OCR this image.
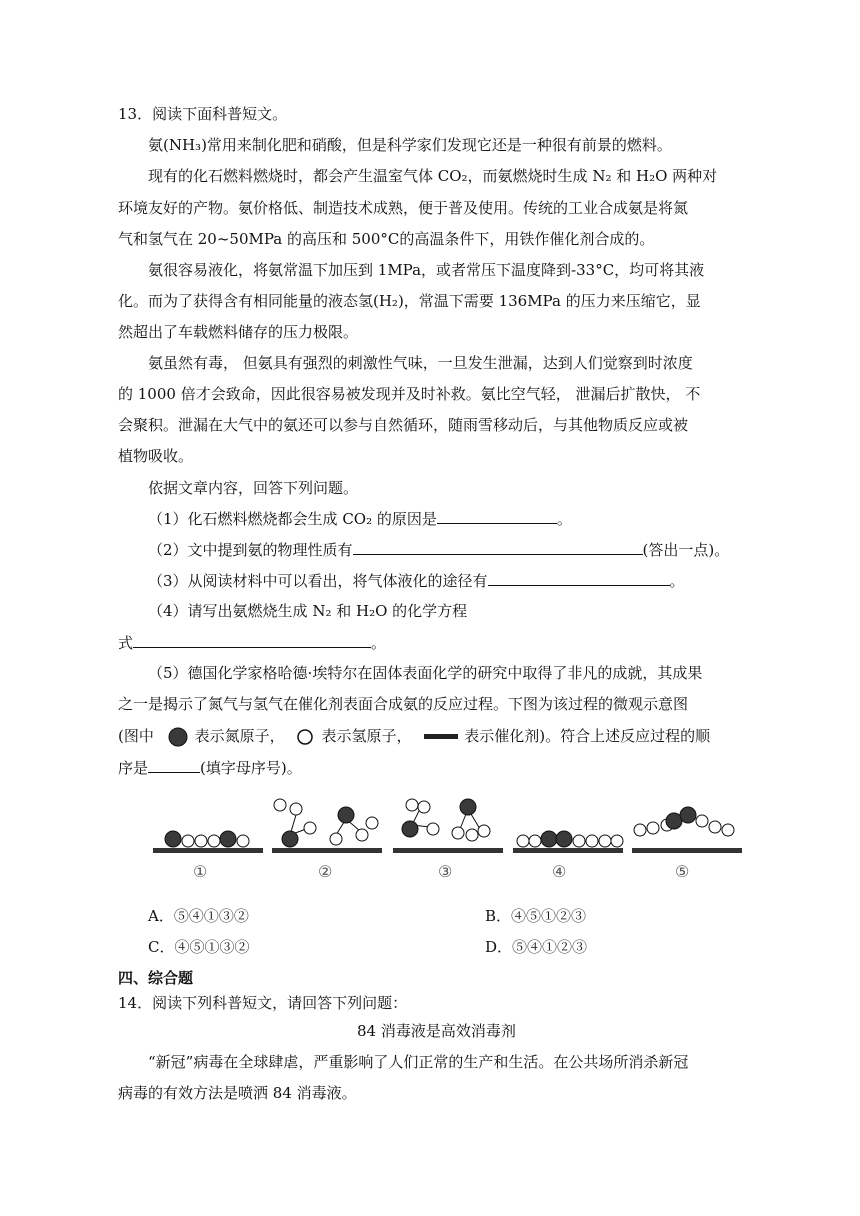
13．阅读下面科普短文。
氨(NH₃)常用来制化肥和硝酸，但是科学家们发现它还是一种很有前景的燃料。
现有的化石燃料燃烧时，都会产生温室气体 CO₂，而氨燃烧时生成 N₂ 和 H₂O 两种对
环境友好的产物。氨价格低、制造技术成熟，便于普及使用。传统的工业合成氨是将氮
气和氢气在 20~50MPa 的高压和 500°C的高温条件下，用铁作催化剂合成的。
氨很容易液化，将氨常温下加压到 1MPa，或者常压下温度降到-33°C，均可将其液
化。而为了获得含有相同能量的液态氢(H₂)，常温下需要 136MPa 的压力来压缩它，显
然超出了车载燃料储存的压力极限。
氨虽然有毒， 但氨具有强烈的刺激性气味，一旦发生泄漏，达到人们觉察到时浓度
的 1000 倍才会致命，因此很容易被发现并及时补救。氨比空气轻， 泄漏后扩散快， 不
会聚积。泄漏在大气中的氨还可以参与自然循环，随雨雪移动后，与其他物质反应或被
植物吸收。
依据文章内容，回答下列问题。
（1）化石燃料燃烧都会生成 CO₂ 的原因是	。
（2）文中提到氨的物理性质有	(答出一点)。
（3）从阅读材料中可以看出，将气体液化的途径有	。
（4）请写出氨燃烧生成 N₂ 和 H₂O 的化学方程
式	。
（5）德国化学家格哈德·埃特尔在固体表面化学的研究中取得了非凡的成就，其成果
之一是揭示了氮气与氢气在催化剂表面合成氨的反应过程。下图为该过程的微观示意图
(图中	表示氮原子， 表示氢原子，	表示催化剂)。符合上述反应过程的顺
序是	(填字母序号)。
①	②	③	④	⑤
A．⑤④①③②	B．④⑤①②③
C．④⑤①③②	D．⑤④①②③
四、综合题
14．阅读下列科普短文，请回答下列问题：
84 消毒液是高效消毒剂
“新冠”病毒在全球肆虐，严重影响了人们正常的生产和生活。在公共场所消杀新冠
病毒的有效方法是喷洒 84 消毒液。
